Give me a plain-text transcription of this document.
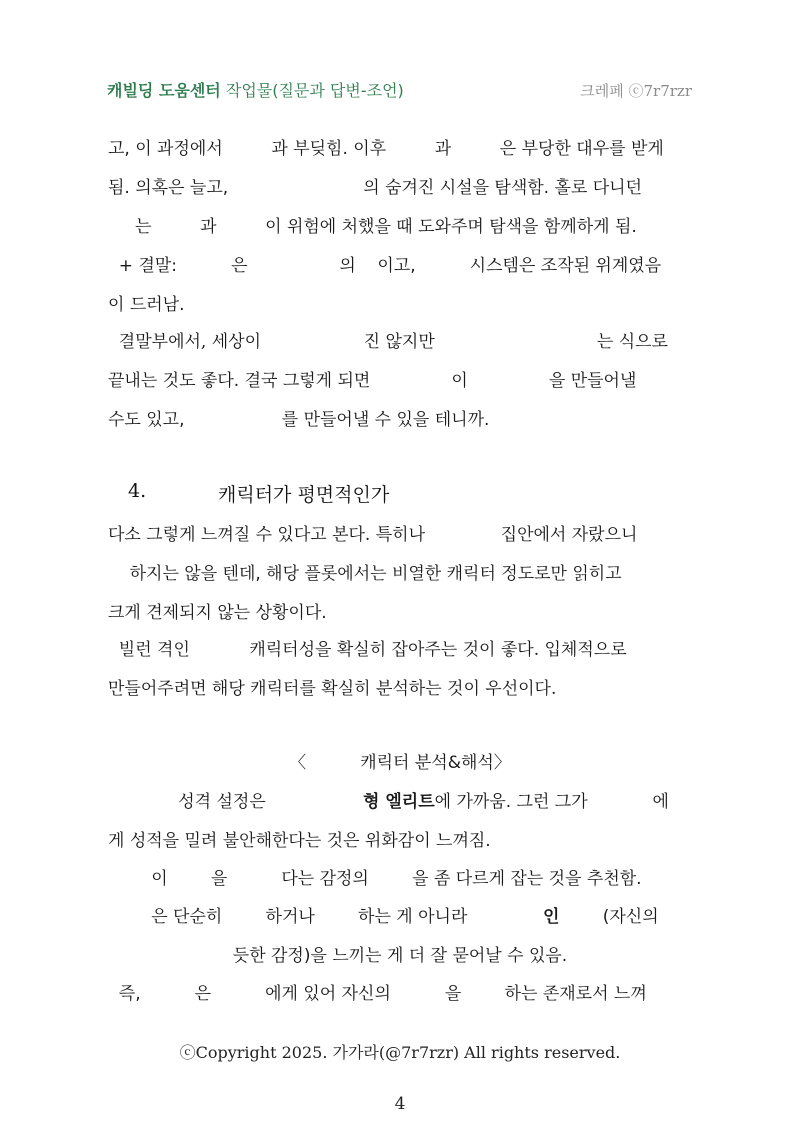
캐빌딩 도움센터 작업물(질문과 답변-조언)	크레페 ⓒ7r7rzr
고, 이 과정에서         과 부딪힘. 이후         과         은 부당한 대우를 받게
됨. 의혹은 늘고,                         의 숨겨진 시설을 탐색함. 홀로 다니던
는         과         이 위험에 처했을 때 도와주며 탐색을 함께하게 됨.
+ 결말:          은                 의    이고,          시스템은 조작된 위계였음
이 드러남.
결말부에서, 세상이                   진 않지만                              는 식으로
끝내는 것도 좋다. 결국 그렇게 되면               이               을 만들어낼
수도 있고,                  를 만들어낼 수 있을 테니까.
4.	캐릭터가 평면적인가
다소 그렇게 느껴질 수 있다고 본다. 특히나              집안에서 자랐으니
하지는 않을 텐데, 해당 플롯에서는 비열한 캐릭터 정도로만 읽히고
크게 견제되지 않는 상황이다.
빌런 격인           캐릭터성을 확실히 잡아주는 것이 좋다. 입체적으로
만들어주려면 해당 캐릭터를 확실히 분석하는 것이 우선이다.
〈          캐릭터 분석&해석〉
성격 설정은                  형 엘리트에 가까움. 그런 그가            에
게 성적을 밀려 불안해한다는 것은 위화감이 느껴짐.
이        을          다는 감정의        을 좀 다르게 잡는 것을 추천함.
은 단순히        하거나        하는 게 아니라              인        (자신의
듯한 감정)을 느끼는 게 더 잘 묻어날 수 있음.
즉,          은          에게 있어 자신의          을        하는 존재로서 느껴
ⓒCopyright 2025. 가가라(@7r7rzr) All rights reserved.
4
